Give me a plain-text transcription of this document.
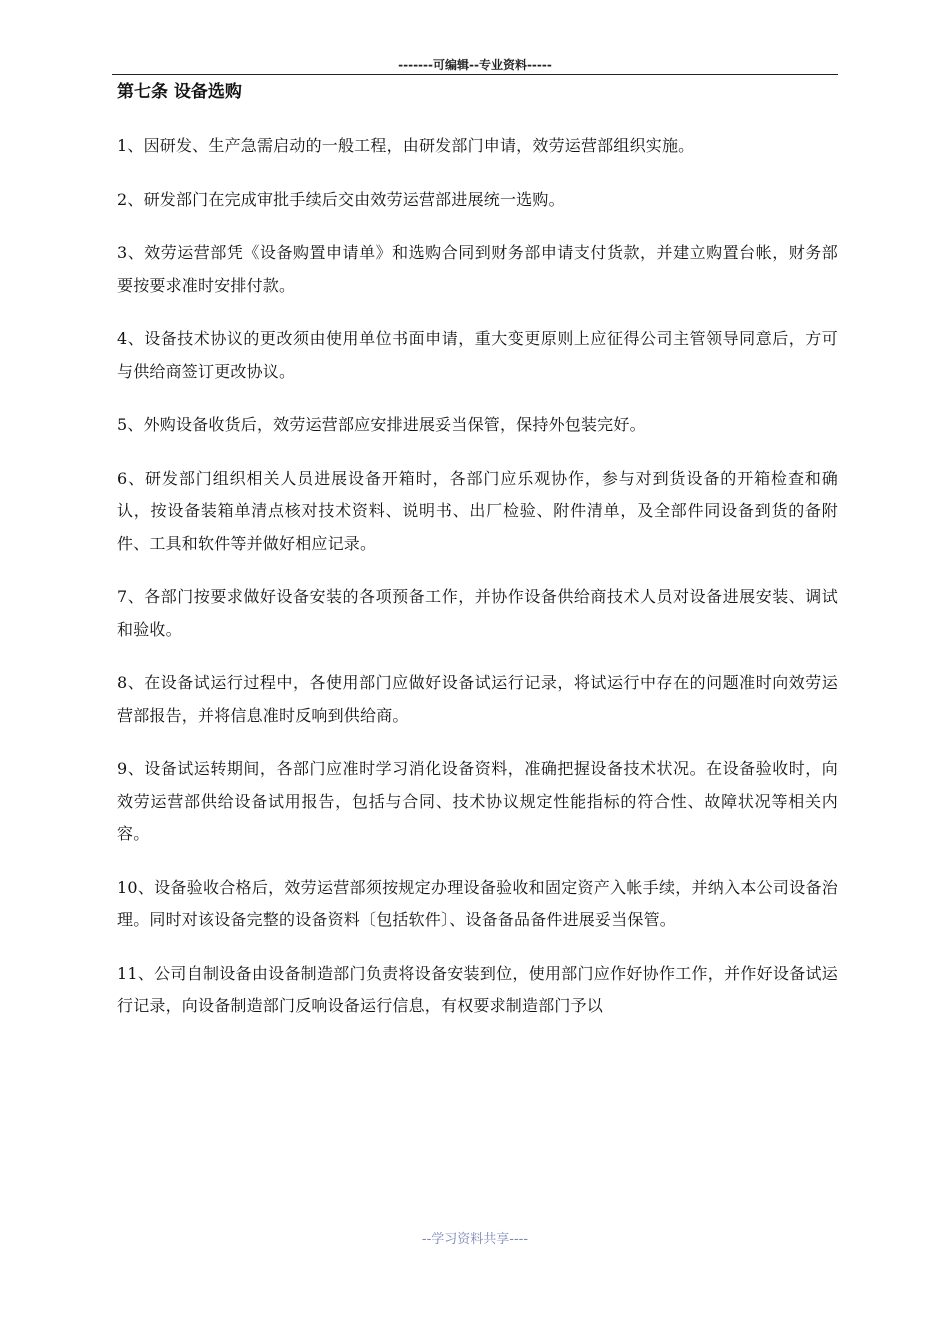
-------可编辑--专业资料-----
第七条 设备选购

1、因研发、生产急需启动的一般工程，由研发部门申请，效劳运营部组织实施。

2、研发部门在完成审批手续后交由效劳运营部进展统一选购。

3、效劳运营部凭《设备购置申请单》和选购合同到财务部申请支付货款，并建立购置台帐，财务部要按要求准时安排付款。

4、设备技术协议的更改须由使用单位书面申请，重大变更原则上应征得公司主管领导同意后，方可与供给商签订更改协议。

5、外购设备收货后，效劳运营部应安排进展妥当保管，保持外包装完好。

6、研发部门组织相关人员进展设备开箱时，各部门应乐观协作，参与对到货设备的开箱检查和确认，按设备装箱单清点核对技术资料、说明书、出厂检验、附件清单，及全部件同设备到货的备附件、工具和软件等并做好相应记录。

7、各部门按要求做好设备安装的各项预备工作，并协作设备供给商技术人员对设备进展安装、调试和验收。

8、在设备试运行过程中，各使用部门应做好设备试运行记录，将试运行中存在的问题准时向效劳运营部报告，并将信息准时反响到供给商。

9、设备试运转期间，各部门应准时学习消化设备资料，准确把握设备技术状况。在设备验收时，向效劳运营部供给设备试用报告，包括与合同、技术协议规定性能指标的符合性、故障状况等相关内容。

10、设备验收合格后，效劳运营部须按规定办理设备验收和固定资产入帐手续，并纳入本公司设备治理。同时对该设备完整的设备资料〔包括软件〕、设备备品备件进展妥当保管。

11、公司自制设备由设备制造部门负责将设备安装到位，使用部门应作好协作工作，并作好设备试运行记录，向设备制造部门反响设备运行信息，有权要求制造部门予以

--学习资料共享----
